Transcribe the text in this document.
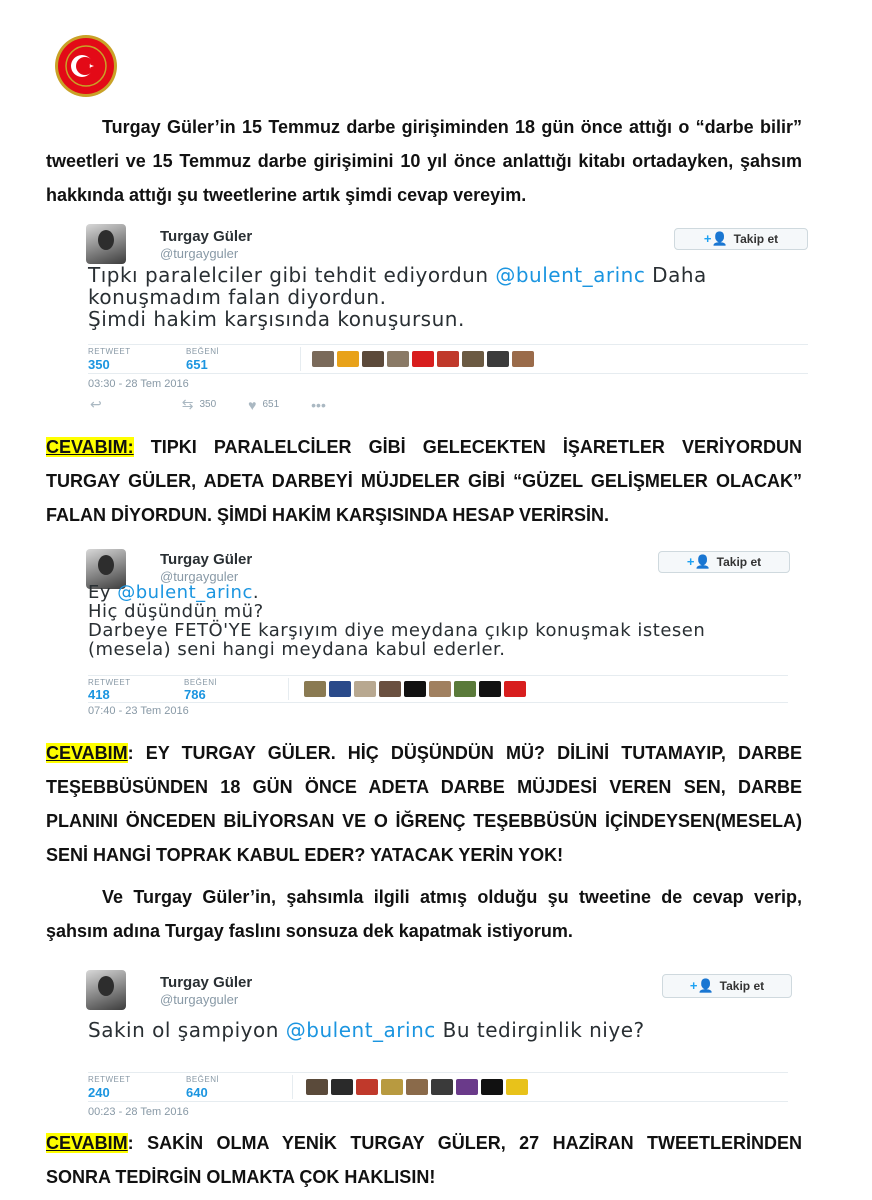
Turgay Güler’in 15 Temmuz darbe girişiminden 18 gün önce attığı o “darbe bilir” tweetleri ve 15 Temmuz darbe girişimini 10 yıl önce anlattığı kitabı ortadayken, şahsım hakkında attığı şu tweetlerine artık şimdi cevap vereyim.
Turgay Güler
@turgayguler
+👤 Takip et
Tıpkı paralelciler gibi tehdit ediyordun @bulent_arinc Daha konuşmadım falan diyordun.
Şimdi hakim karşısında konuşursun.
RETWEET
350
BEĞENİ
651
03:30 - 28 Tem 2016
↩	⇆ 350 ♥ 651 •••
CEVABIM: TIPKI PARALELCİLER GİBİ GELECEKTEN İŞARETLER VERİYORDUN TURGAY GÜLER, ADETA DARBEYİ MÜJDELER GİBİ “GÜZEL GELİŞMELER OLACAK” FALAN DİYORDUN. ŞİMDİ HAKİM KARŞISINDA HESAP VERİRSİN.
Turgay Güler
@turgayguler
+👤 Takip et
Ey @bulent_arinc.
Hiç düşündün mü?
Darbeye FETÖ'YE karşıyım diye meydana çıkıp konuşmak istesen (mesela) seni hangi meydana kabul ederler.
RETWEET
418
BEĞENİ
786
07:40 - 23 Tem 2016
CEVABIM: EY TURGAY GÜLER. HİÇ DÜŞÜNDÜN MÜ? DİLİNİ TUTAMAYIP, DARBE TEŞEBBÜSÜNDEN 18 GÜN ÖNCE ADETA DARBE MÜJDESİ VEREN SEN, DARBE PLANINI ÖNCEDEN BİLİYORSAN VE O İĞRENÇ TEŞEBBÜSÜN İÇİNDEYSEN(MESELA) SENİ HANGİ TOPRAK KABUL EDER? YATACAK YERİN YOK!
Ve Turgay Güler’in, şahsımla ilgili atmış olduğu şu tweetine de cevap verip, şahsım adına Turgay faslını sonsuza dek kapatmak istiyorum.
Turgay Güler
@turgayguler
+👤 Takip et
Sakin ol şampiyon @bulent_arinc Bu tedirginlik niye?
RETWEET
240
BEĞENİ
640
00:23 - 28 Tem 2016
CEVABIM: SAKİN OLMA YENİK TURGAY GÜLER, 27 HAZİRAN TWEETLERİNDEN SONRA TEDİRGİN OLMAKTA ÇOK HAKLISIN!
